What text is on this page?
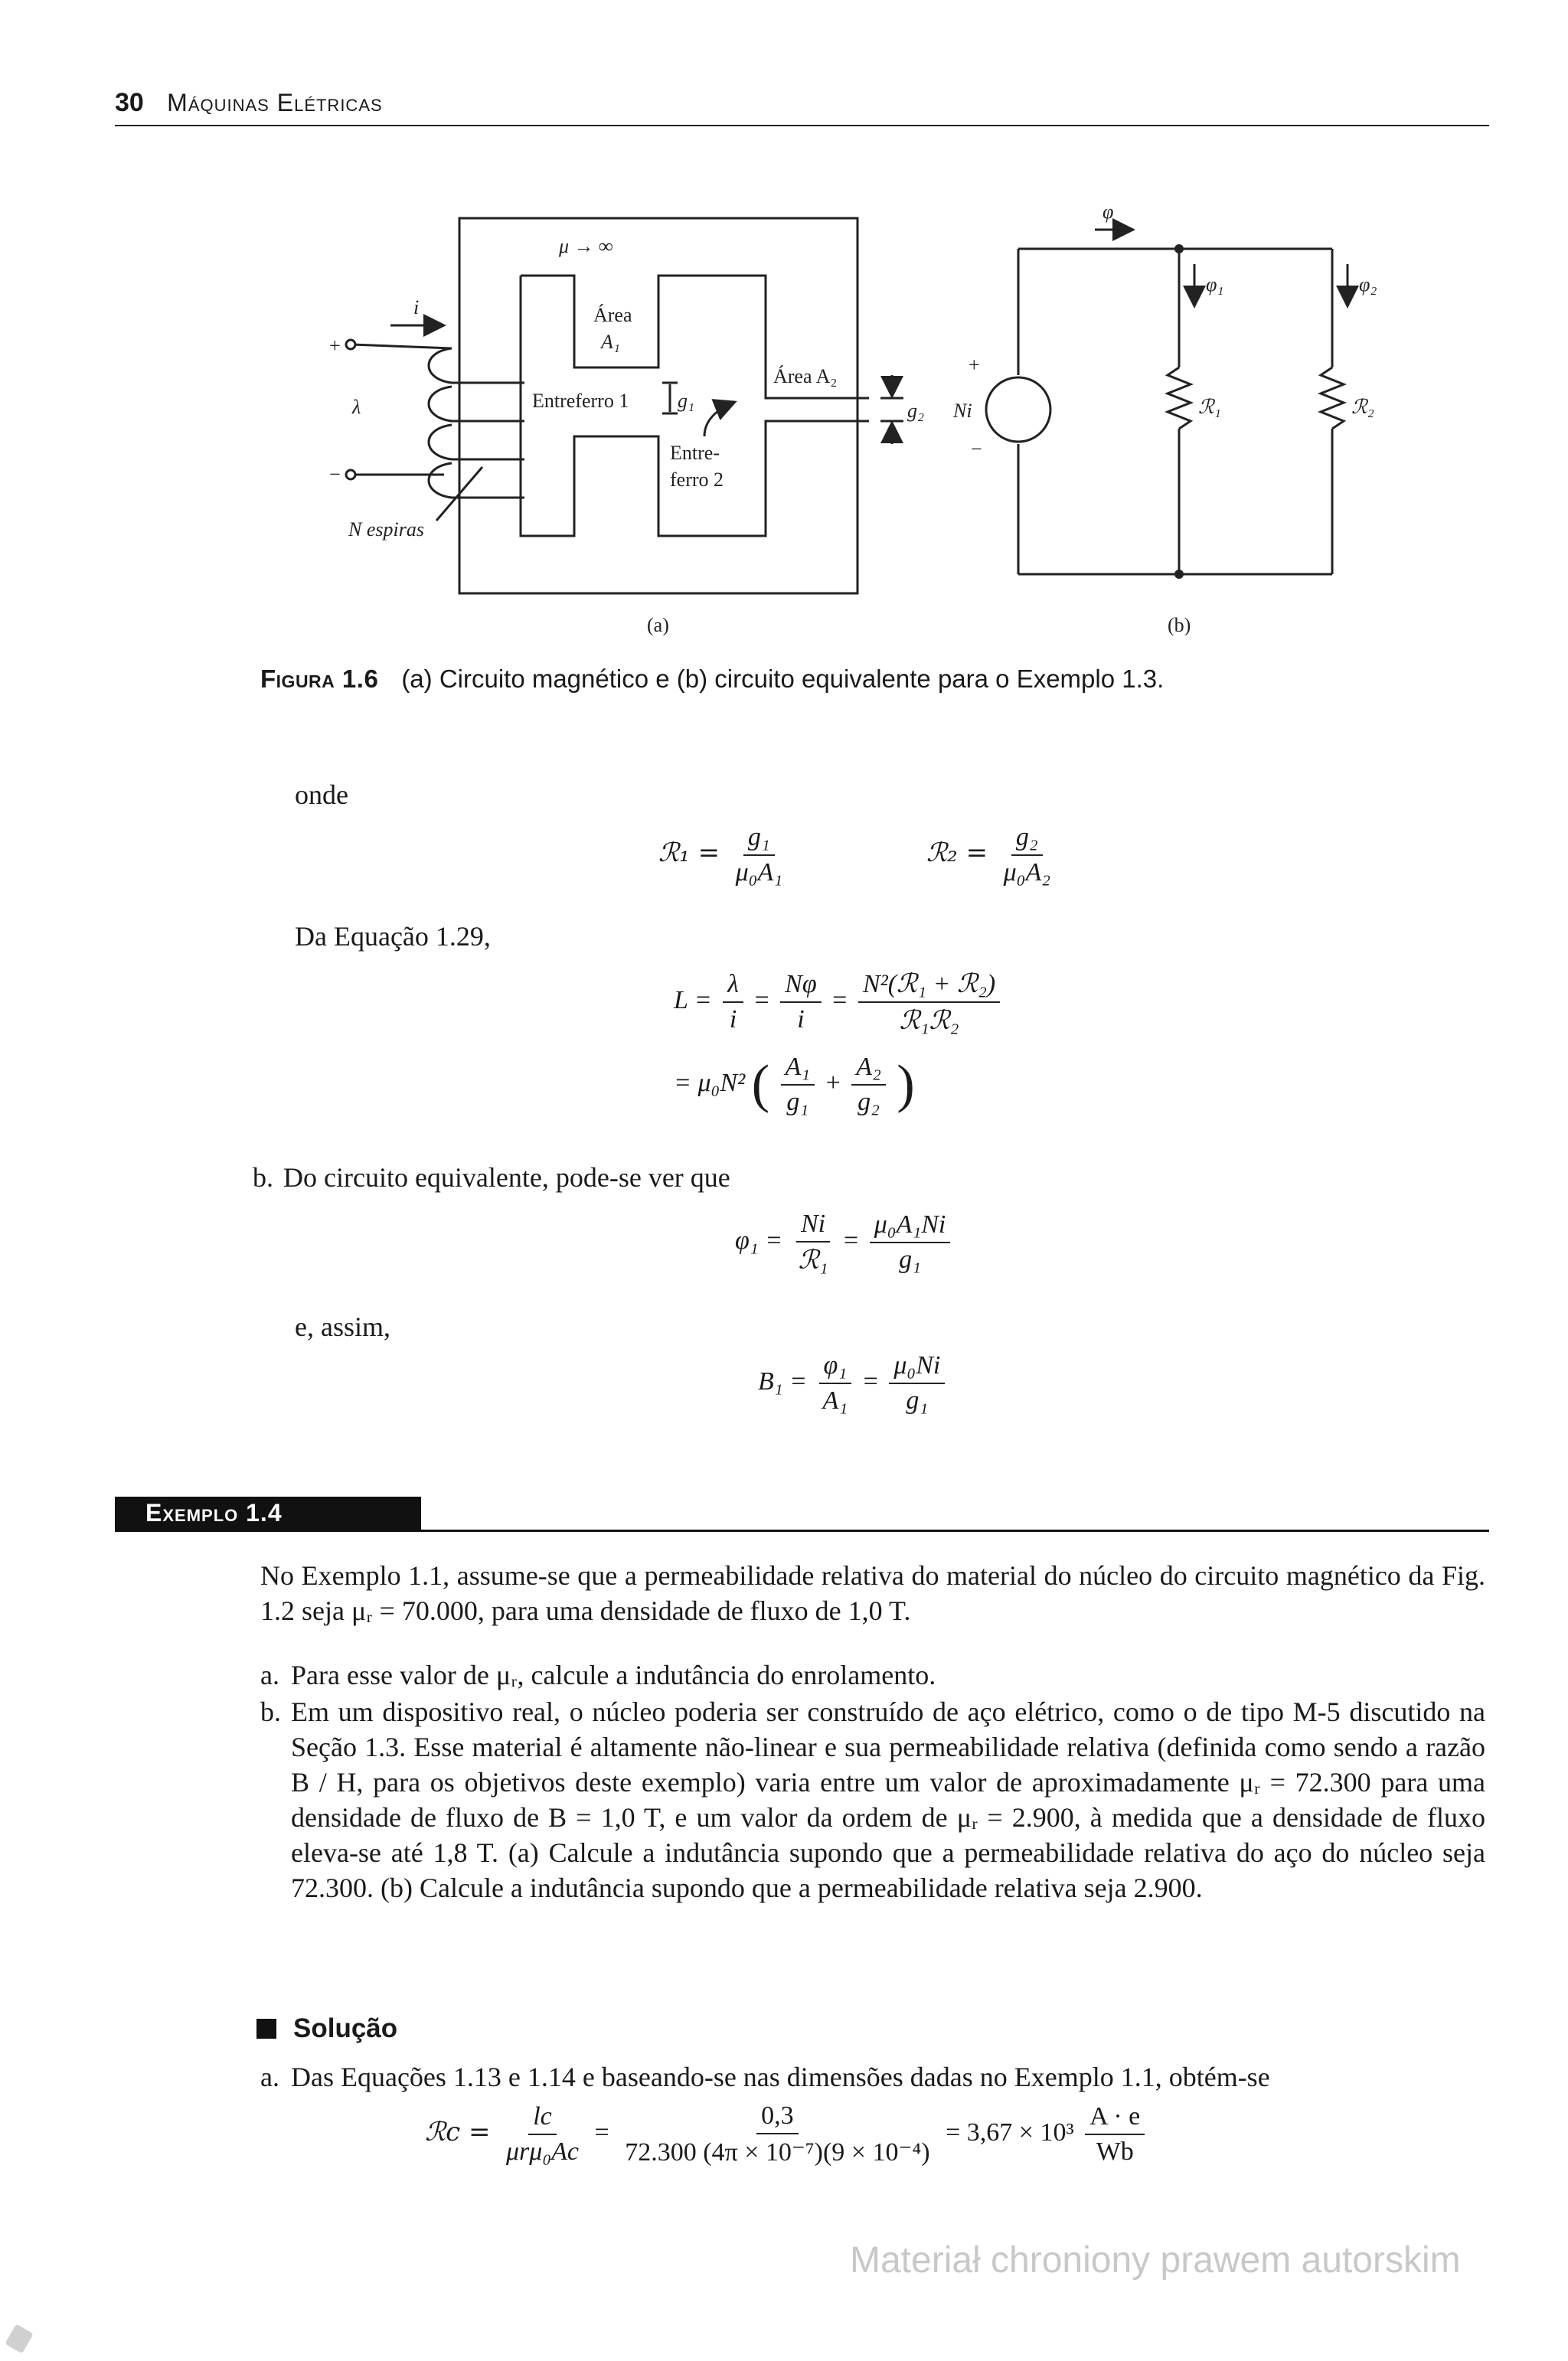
30 Máquinas Elétricas
μ → ∞
i
+
λ
−
N espiras
Área
A₁
Área A₂
Entreferro 1 g₁	g₂
Entre-
ferro 2
(a)
φ
φ₁	φ₂
+
Ni
−
ℛ₁	ℛ₂
(b)
Figura 1.6 (a) Circuito magnético e (b) circuito equivalente para o Exemplo 1.3.
onde
ℛ₁ = $\frac{\text{g₁}}{\text{μ₀A₁}}$	ℛ₂ = $\frac{\text{g₂}}{\text{μ₀A₂}}$
Da Equação 1.29,
$L = \frac{\lambda}{i} = \frac{N\varphi}{i} = \frac{\text{N²(ℛ₁ + ℛ₂)}}{\text{ℛ₁ℛ₂}}$
= μ₀N² ( $\frac{\text{A₁}}{\text{g₁}} + \frac{\text{A₂}}{\text{g₂}}$ )
b. Do circuito equivalente, pode-se ver que
$\varphi_1 = \frac{Ni}{\text{ℛ₁}} = \frac{\text{μ₀A₁Ni}}{\text{g₁}}$
e, assim,
$B_1 = \frac{\text{φ₁}}{\text{A₁}} = \frac{\text{μ₀Ni}}{\text{g₁}}$
Exemplo 1.4
No Exemplo 1.1, assume-se que a permeabilidade relativa do material do núcleo do circuito magnético da Fig. 1.2 seja μᵣ = 70.000, para uma densidade de fluxo de 1,0 T.
a. Para esse valor de μᵣ, calcule a indutância do enrolamento.
b. Em um dispositivo real, o núcleo poderia ser construído de aço elétrico, como o de tipo M-5 discutido na Seção 1.3. Esse material é altamente não-linear e sua permeabilidade relativa (definida como sendo a razão B / H, para os objetivos deste exemplo) varia entre um valor de aproximadamente μᵣ = 72.300 para uma densidade de fluxo de B = 1,0 T, e um valor da ordem de μᵣ = 2.900, à medida que a densidade de fluxo eleva-se até 1,8 T. (a) Calcule a indutância supondo que a permeabilidade relativa do aço do núcleo seja 72.300. (b) Calcule a indutância supondo que a permeabilidade relativa seja 2.900.
Solução
a. Das Equações 1.13 e 1.14 e baseando-se nas dimensões dadas no Exemplo 1.1, obtém-se
ℛc = $\frac{lc}{\text{μrμ₀Ac}} = \frac{0,3}{\text{72.300 (4π × 10⁻⁷)(9 × 10⁻⁴)}} = 3,67 \times 10^3 \frac{A \cdot e}{Wb}$
Materiał chroniony prawem autorskim
